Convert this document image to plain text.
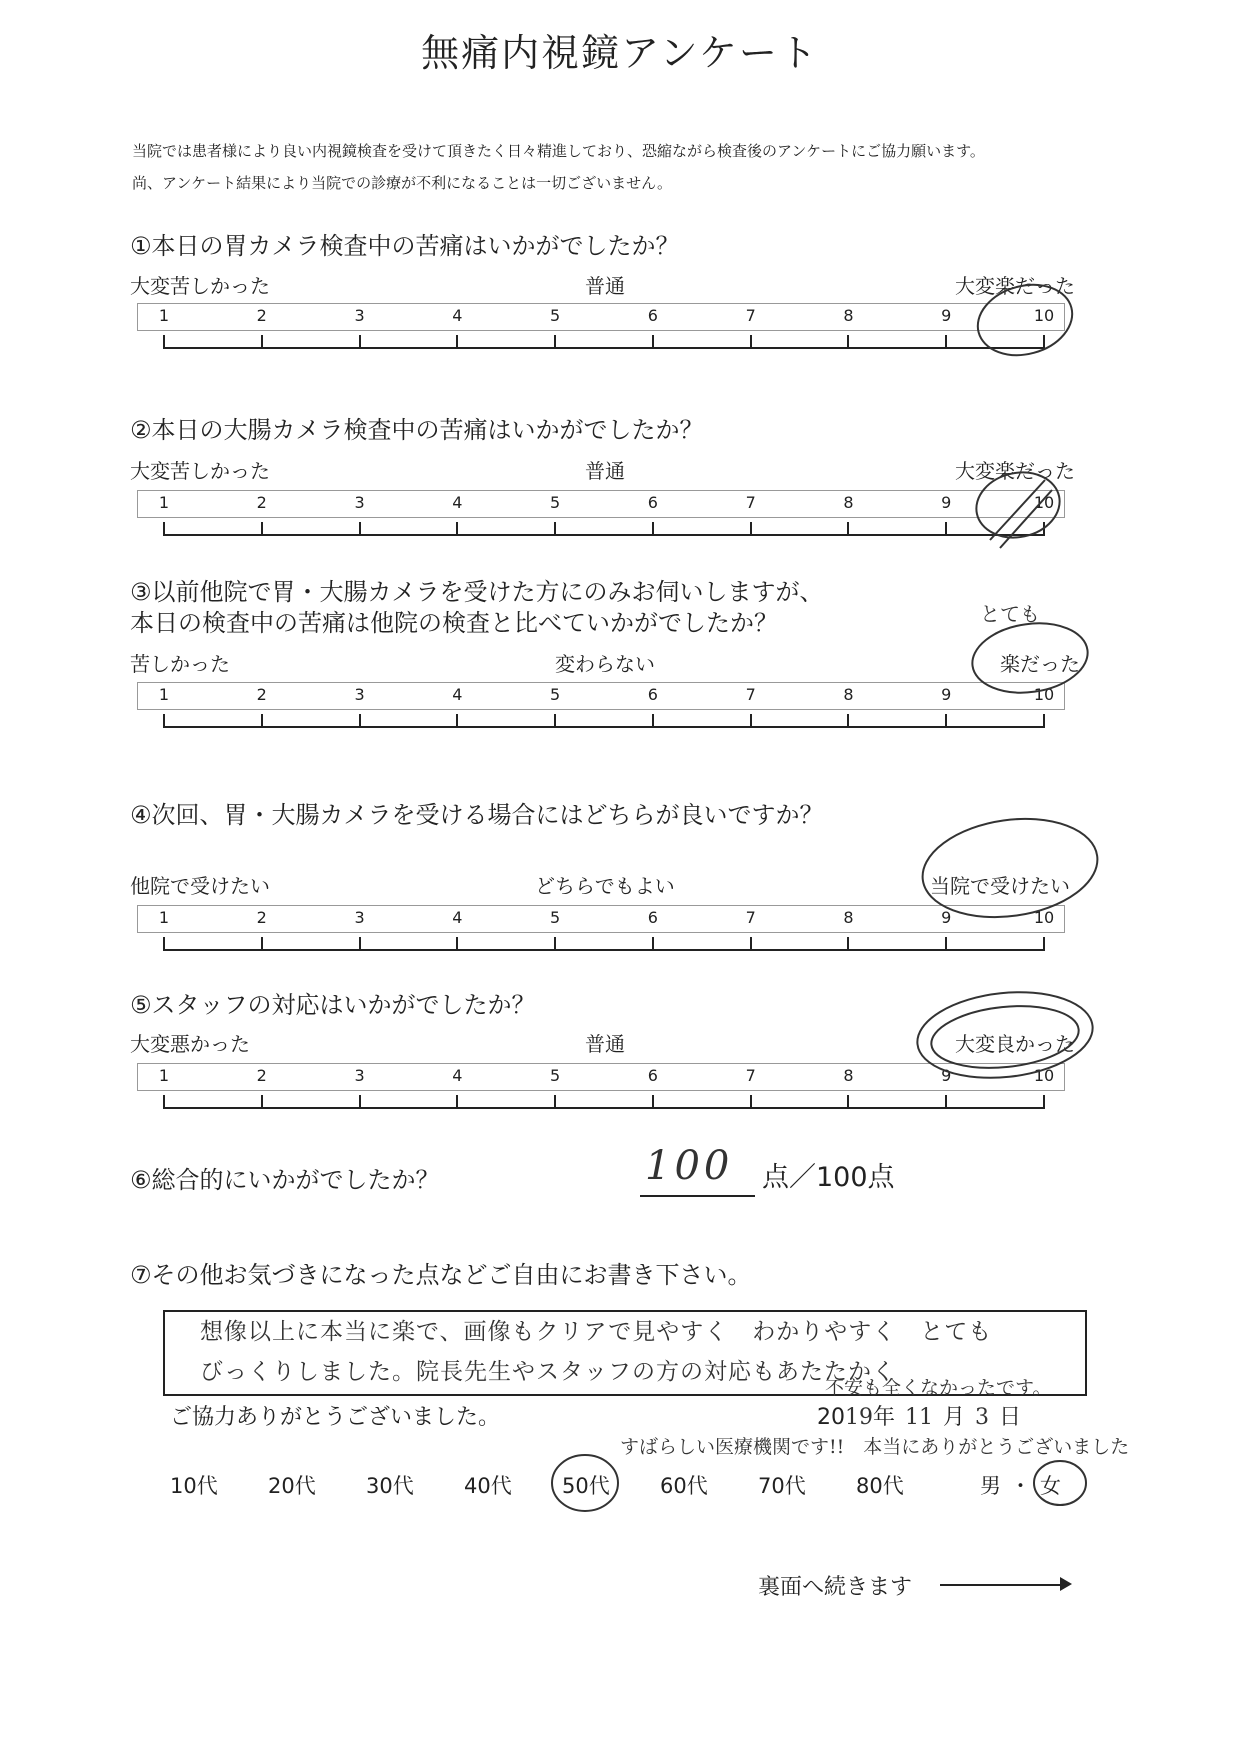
無痛内視鏡アンケート
当院では患者様により良い内視鏡検査を受けて頂きたく日々精進しており、恐縮ながら検査後のアンケートにご協力願います。
尚、アンケート結果により当院での診療が不利になることは一切ございません。
①本日の胃カメラ検査中の苦痛はいかがでしたか？
大変苦しかった	普通	大変楽だった
1	2	3	4	5	6	7	8	9	10
②本日の大腸カメラ検査中の苦痛はいかがでしたか？
大変苦しかった	普通	大変楽だった
1	2	3	4	5	6	7	8	9	10
③以前他院で胃・大腸カメラを受けた方にのみお伺いしますが、
本日の検査中の苦痛は他院の検査と比べていかがでしたか？	とても
苦しかった	変わらない	楽だった
1	2	3	4	5	6	7	8	9	10
④次回、胃・大腸カメラを受ける場合にはどちらが良いですか？
他院で受けたい	どちらでもよい	当院で受けたい
1	2	3	4	5	6	7	8	9	10
⑤スタッフの対応はいかがでしたか？
大変悪かった	普通	大変良かった
1	2	3	4	5	6	7	8	9	10
⑥総合的にいかがでしたか？	100 点／100点
⑦その他お気づきになった点などご自由にお書き下さい。
想像以上に本当に楽で、画像もクリアで見やすく　わかりやすく　とても
びっくりしました。院長先生やスタッフの方の対応もあたたかく
不安も全くなかったです。
ご協力ありがとうございました。	2019年 11 月 3 日
すばらしい医療機関です!!　本当にありがとうございました
10代 20代 30代 40代 50代 60代 70代 80代	男 ・ 女
裏面へ続きます
